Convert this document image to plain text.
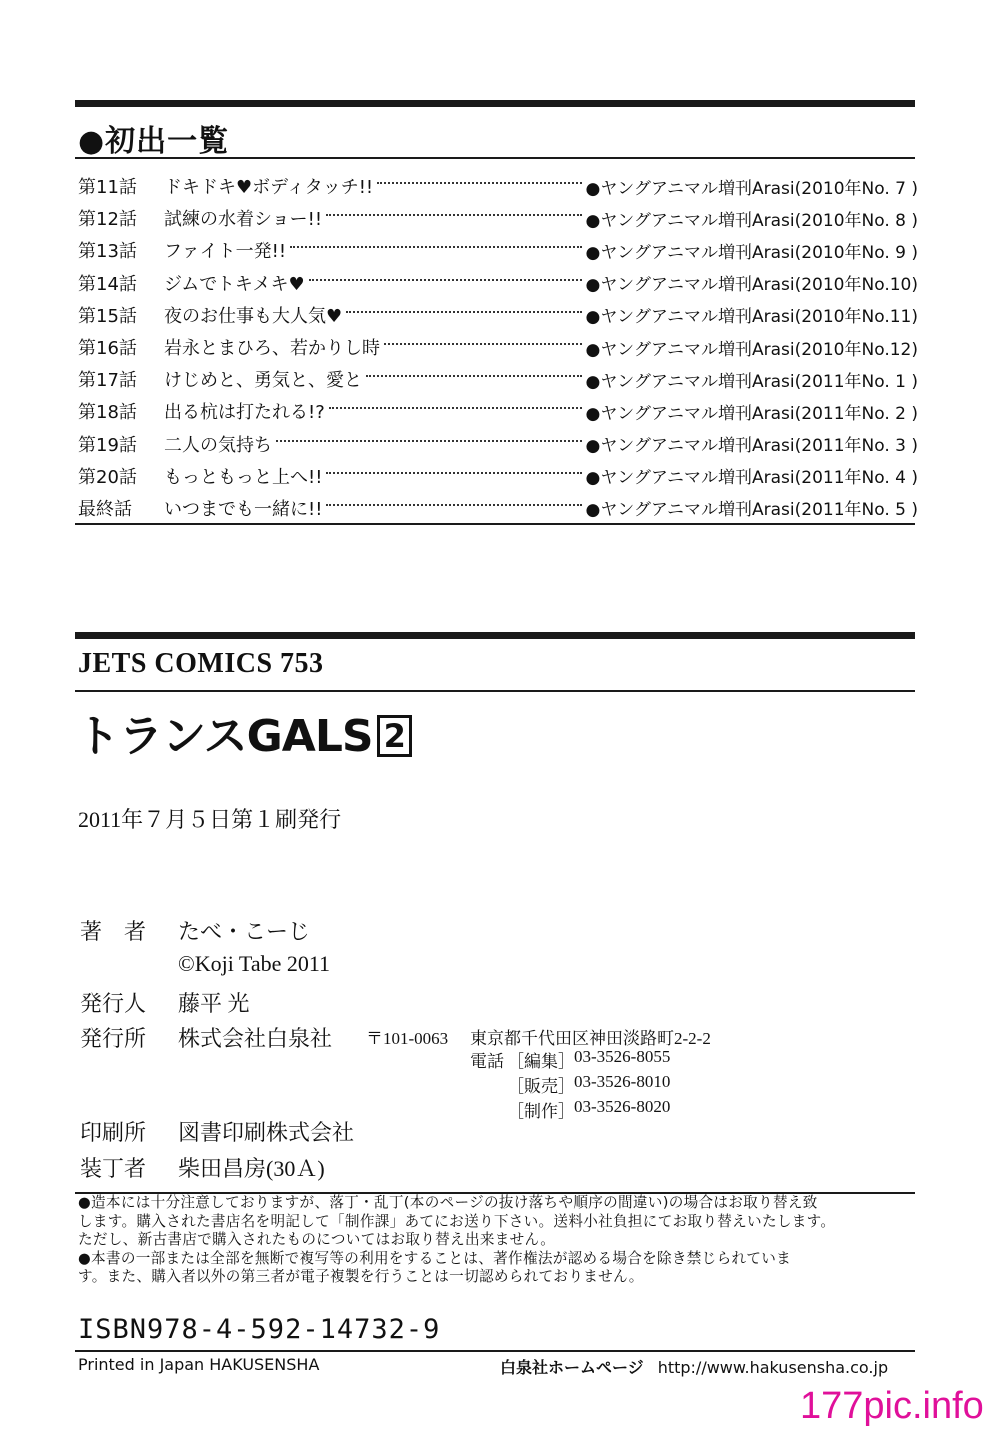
●初出一覧
第11話	ドキドキ♥ボディタッチ!!	●ヤングアニマル増刊Arasi(2010年No. 7 )
第12話	試練の水着ショー!!	●ヤングアニマル増刊Arasi(2010年No. 8 )
第13話	ファイト一発!!	●ヤングアニマル増刊Arasi(2010年No. 9 )
第14話	ジムでトキメキ♥	●ヤングアニマル増刊Arasi(2010年No.10)
第15話	夜のお仕事も大人気♥	●ヤングアニマル増刊Arasi(2010年No.11)
第16話	岩永とまひろ、若かりし時	●ヤングアニマル増刊Arasi(2010年No.12)
第17話	けじめと、勇気と、愛と	●ヤングアニマル増刊Arasi(2011年No. 1 )
第18話	出る杭は打たれる!?	●ヤングアニマル増刊Arasi(2011年No. 2 )
第19話	二人の気持ち	●ヤングアニマル増刊Arasi(2011年No. 3 )
第20話	もっともっと上へ!!	●ヤングアニマル増刊Arasi(2011年No. 4 )
最終話	いつまでも一緒に!!	●ヤングアニマル増刊Arasi(2011年No. 5 )
JETS COMICS 753
トランスGALS 2
2011年７月５日第１刷発行
著　者 たべ・こーじ
©Koji Tabe 2011
発行人 藤平 光
発行所 株式会社白泉社 〒101-0063 東京都千代田区神田淡路町2-2-2
電話 ［編集］ 03-3526-8055
［販売］ 03-3526-8010
［制作］ 03-3526-8020
印刷所 図書印刷株式会社
装丁者 柴田昌房(30Ａ)
●造本には十分注意しておりますが、落丁・乱丁(本のページの抜け落ちや順序の間違い)の場合はお取り替え致
します。購入された書店名を明記して「制作課」あてにお送り下さい。送料小社負担にてお取り替えいたします。
ただし、新古書店で購入されたものについてはお取り替え出来ません。
●本書の一部または全部を無断で複写等の利用をすることは、著作権法が認める場合を除き禁じられていま
す。また、購入者以外の第三者が電子複製を行うことは一切認められておりません。
ISBN978-4-592-14732-9
Printed in Japan HAKUSENSHA	白泉社ホームページ http://www.hakusensha.co.jp
177pic.info
